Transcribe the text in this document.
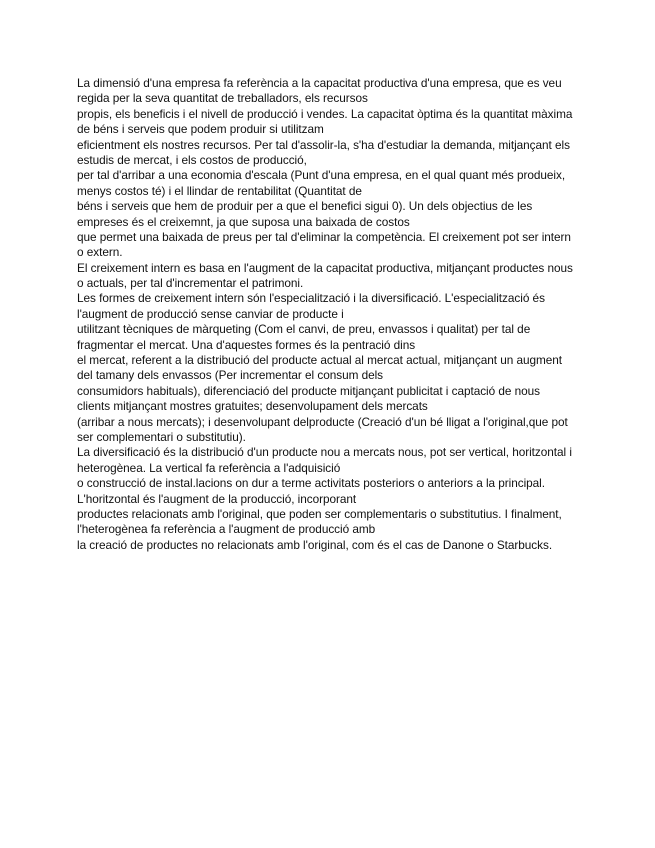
La dimensió d'una empresa fa referència a la capacitat productiva d'una empresa, que es veu
regida per la seva quantitat de treballadors, els recursos
propis, els beneficis i el nivell de producció i vendes. La capacitat òptima és la quantitat màxima
de béns i serveis que podem produir si utilitzam
eficientment els nostres recursos. Per tal d'assolir-la, s'ha d'estudiar la demanda, mitjançant els
estudis de mercat, i els costos de producció,
per tal d'arribar a una economia d'escala (Punt d'una empresa, en el qual quant més produeix,
menys costos té) i el llindar de rentabilitat (Quantitat de
béns i serveis que hem de produir per a que el benefici sigui 0). Un dels objectius de les
empreses és el creixemnt, ja que suposa una baixada de costos
que permet una baixada de preus per tal d'eliminar la competència. El creixement pot ser intern
o extern.
El creixement intern es basa en l'augment de la capacitat productiva, mitjançant productes nous
o actuals, per tal d'incrementar el patrimoni.
Les formes de creixement intern són l'especialització i la diversificació. L'especialització és
l'augment de producció sense canviar de producte i
utilitzant tècniques de màrqueting (Com el canvi, de preu, envassos i qualitat) per tal de
fragmentar el mercat. Una d'aquestes formes és la pentració dins
el mercat, referent a la distribució del producte actual al mercat actual, mitjançant un augment
del tamany dels envassos (Per incrementar el consum dels
consumidors habituals), diferenciació del producte mitjançant publicitat i captació de nous
clients mitjançant mostres gratuites; desenvolupament dels mercats
(arribar a nous mercats); i desenvolupant delproducte (Creació d'un bé lligat a l'original,que pot
ser complementari o substitutiu).
La diversificació és la distribució d'un producte nou a mercats nous, pot ser vertical, horitzontal i
heterogènea. La vertical fa referència a l'adquisició
o construcció de instal.lacions on dur a terme activitats posteriors o anteriors a la principal.
L'horitzontal és l'augment de la producció, incorporant
productes relacionats amb l'original, que poden ser complementaris o substitutius. I finalment,
l'heterogènea fa referència a l'augment de producció amb
la creació de productes no relacionats amb l'original, com és el cas de Danone o Starbucks.
